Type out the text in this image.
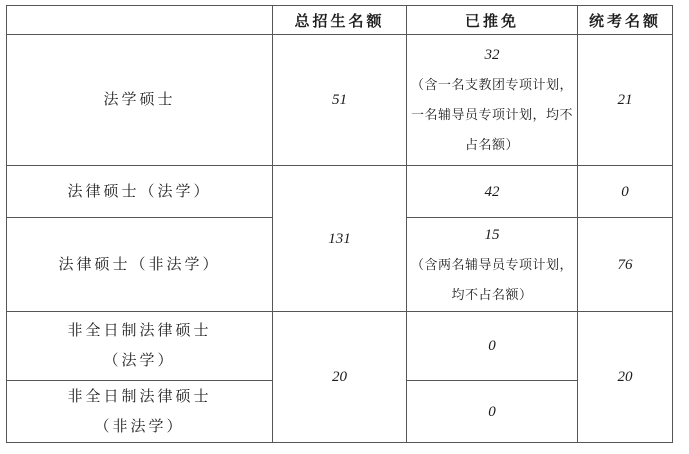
	总招生名额	已推免	统考名额
法学硕士	51	32
（含一名支教团专项计划，
一名辅导员专项计划，均不
占名额）	21
法律硕士（法学）	131	42	0
法律硕士（非法学）		15
（含两名辅导员专项计划，
均不占名额）	76

非全日制法律硕士
（法学）	20	0	20

非全日制法律硕士
（非法学）		0	
